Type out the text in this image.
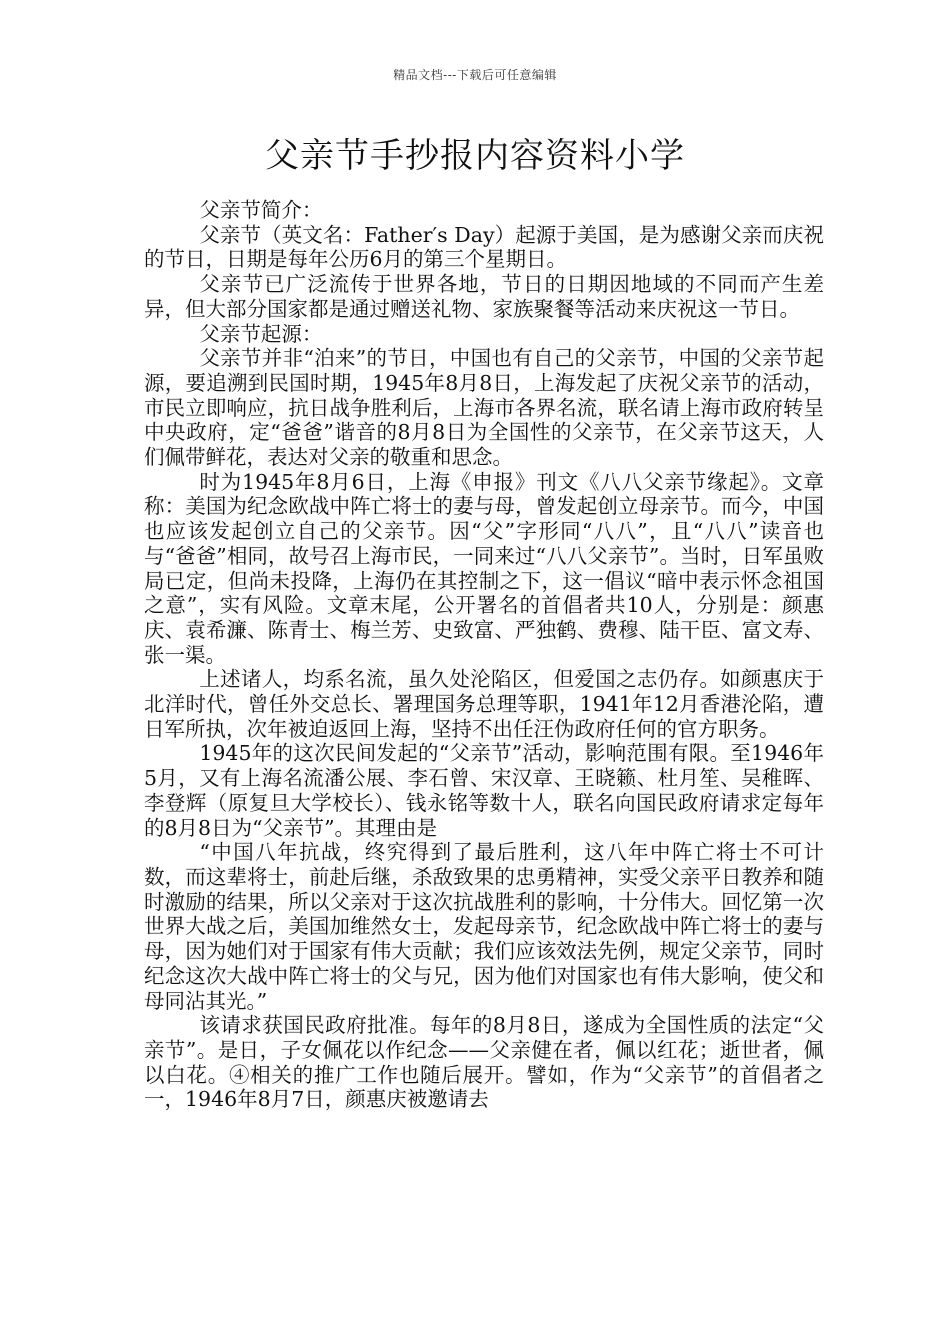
精品文档---下载后可任意编辑
父亲节手抄报内容资料小学

父亲节简介：

父亲节（英文名：Father′s Day）起源于美国，是为感谢父亲而庆祝的节日，日期是每年公历6月的第三个星期日。

父亲节已广泛流传于世界各地，节日的日期因地域的不同而产生差异，但大部分国家都是通过赠送礼物、家族聚餐等活动来庆祝这一节日。

父亲节起源：

父亲节并非“泊来”的节日，中国也有自己的父亲节，中国的父亲节起源，要追溯到民国时期，1945年8月8日，上海发起了庆祝父亲节的活动，市民立即响应，抗日战争胜利后，上海市各界名流，联名请上海市政府转呈中央政府，定“爸爸”谐音的8月8日为全国性的父亲节，在父亲节这天，人们佩带鲜花，表达对父亲的敬重和思念。

时为1945年8月6日，上海《申报》刊文《八八父亲节缘起》。文章称：美国为纪念欧战中阵亡将士的妻与母，曾发起创立母亲节。而今，中国也应该发起创立自己的父亲节。因“父”字形同“八八”，且“八八”读音也与“爸爸”相同，故号召上海市民，一同来过“八八父亲节”。当时，日军虽败局已定，但尚未投降，上海仍在其控制之下，这一倡议“暗中表示怀念祖国之意”，实有风险。文章末尾，公开署名的首倡者共10人，分别是：颜惠庆、袁希濂、陈青士、梅兰芳、史致富、严独鹤、费穆、陆干臣、富文寿、张一渠。

上述诸人，均系名流，虽久处沦陷区，但爱国之志仍存。如颜惠庆于北洋时代，曾任外交总长、署理国务总理等职，1941年12月香港沦陷，遭日军所执，次年被迫返回上海，坚持不出任汪伪政府任何的官方职务。

1945年的这次民间发起的“父亲节”活动，影响范围有限。至1946年5月，又有上海名流潘公展、李石曾、宋汉章、王晓籁、杜月笙、吴稚晖、李登辉（原复旦大学校长）、钱永铭等数十人，联名向国民政府请求定每年的8月8日为“父亲节”。其理由是

“中国八年抗战，终究得到了最后胜利，这八年中阵亡将士不可计数，而这辈将士，前赴后继，杀敌致果的忠勇精神，实受父亲平日教养和随时激励的结果，所以父亲对于这次抗战胜利的影响，十分伟大。回忆第一次世界大战之后，美国加维然女士，发起母亲节，纪念欧战中阵亡将士的妻与母，因为她们对于国家有伟大贡献；我们应该效法先例，规定父亲节，同时纪念这次大战中阵亡将士的父与兄，因为他们对国家也有伟大影响，使父和母同沾其光。”

该请求获国民政府批准。每年的8月8日，遂成为全国性质的法定“父亲节”。是日，子女佩花以作纪念——父亲健在者，佩以红花；逝世者，佩以白花。④相关的推广工作也随后展开。譬如，作为“父亲节”的首倡者之一，1946年8月7日，颜惠庆被邀请去
